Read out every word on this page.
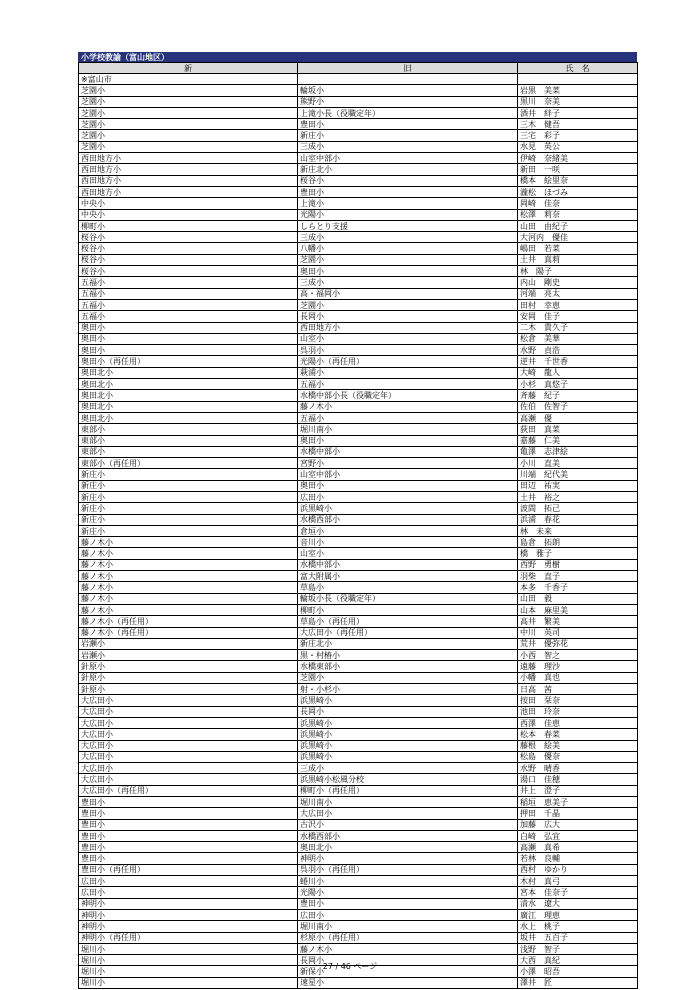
小学校教諭（富山地区）
新	旧	氏　名
※富山市		
芝園小	輪坂小	岩黒　美菜
芝園小	熊野小	黒川　奈美
芝園小	上滝小長（役職定年）	酒井　絆子
芝園小	豊田小	三木　健吾
芝園小	新庄小	三宅　彩子
芝園小	三成小	水見　英公
西田地方小	山室中部小	伊崎　奈緒美
西田地方小	新庄北小	新田　一咲
西田地方小	桜谷小	橋本　絵里奈
西田地方小	豊田小	瀧松　ほづみ
中央小	上滝小	岡崎　佳奈
中央小	光陽小	松澤　莉奈
柳町小	しらとり支援	山田　由紀子
桜谷小	三成小	大河内　優佳
桜谷小	八幡小	嶋田　若菜
桜谷小	芝園小	土井　真莉
桜谷小	奥田小	林　陽子
五福小	三成小	内山　剛史
五福小	高・福岡小	河端　亮太
五福小	芝園小	田村　幸恵
五福小	長岡小	安岡　佳子
奥田小	西田地方小	二木　貴久子
奥田小	山室小	松倉　美華
奥田小	呉羽小	水野　貞浩
奥田小（再任用）	光陽小（再任用）	逆井　千世香
奥田北小	萩浦小	大崎　龍人
奥田北小	五福小	小杉　真悠子
奥田北小	水橋中部小長（役職定年）	斉藤　紀子
奥田北小	藤ノ木小	佐伯　佐智子
奥田北小	五福小	高瀬　優
東部小	堀川南小	荻田　真菜
東部小	奥田小	嘉藤　仁美
東部小	水橋中部小	亀澤　志津絵
東部小（再任用）	宮野小	小川　直美
新庄小	山室中部小	川端　紀代美
新庄小	奥田小	田辺　祐実
新庄小	広田小	土井　裕之
新庄小	浜黒崎小	波間　拓己
新庄小	水橋西部小	浜浦　春花
新庄小	倉垣小	林　未来
藤ノ木小	音川小	島倉　拓朗
藤ノ木小	山室小	橋　雅子
藤ノ木小	水橋中部小	西野　勇樹
藤ノ木小	富大附属小	羽柴　直子
藤ノ木小	草島小	本多　千香子
藤ノ木小	輪坂小長（役職定年）	山田　毅
藤ノ木小	柳町小	山本　麻里美
藤ノ木小（再任用）	草島小（再任用）	高井　繁美
藤ノ木小（再任用）	大広田小（再任用）	中川　英司
岩瀬小	新庄北小	荒井　優弥花
岩瀬小	黒・村椿小	小西　智之
針原小	水橋東部小	遠藤　理沙
針原小	芝園小	小幡　真也
針原小	射・小杉小	日高　茜
大広田小	浜黒崎小	按田　栞奈
大広田小	長岡小	池田　玲奈
大広田小	浜黒崎小	西澤　佳恵
大広田小	浜黒崎小	松本　春菜
大広田小	浜黒崎小	藤根　絵美
大広田小	浜黒崎小	松島　優奈
大広田小	三成小	水野　晴香
大広田小	浜黒崎小松風分校	湯口　佳穂
大広田小（再任用）	柳町小（再任用）	井上　澄子
豊田小	堀川南小	稲垣　恵美子
豊田小	大広田小	押田　千晶
豊田小	古沢小	加藤　広大
豊田小	水橋西部小	白崎　弘宜
豊田小	奥田北小	高瀬　真希
豊田小	神明小	若林　良輔
豊田小（再任用）	呉羽小（再任用）	西村　ゆかり
広田小	蜷川小	木村　真弓
広田小	光陽小	宮本　佳奈子
神明小	豊田小	清水　遼大
神明小	広田小	廣江　理恵
神明小	堀川南小	水上　桃子
神明小（再任用）	杉原小（再任用）	坂井　五百子
堀川小	藤ノ木小	浅野　智子
堀川小	長岡小	大西　真紀
堀川小	新保小	小澤　昭吾
堀川小	速星小	澤井　匠
27 / 46 ページ
